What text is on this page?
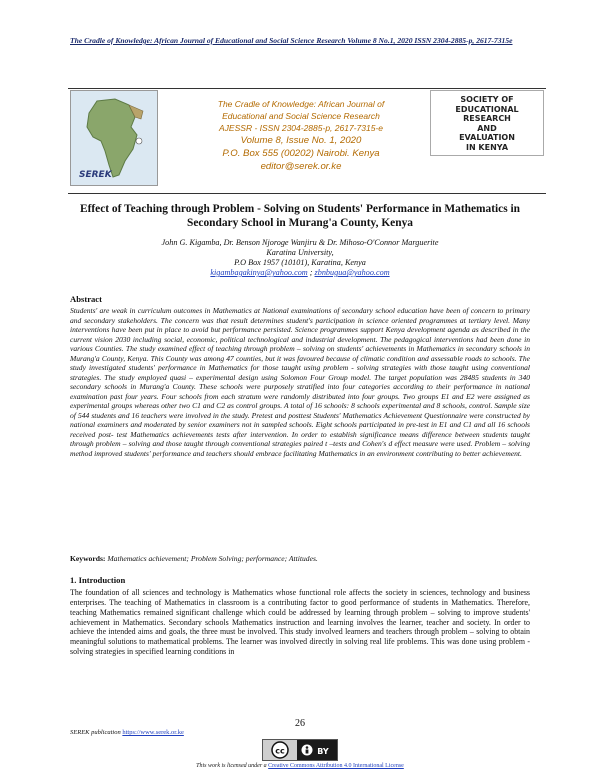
The Cradle of Knowledge: African Journal of Educational and Social Science Research Volume 8 No.1, 2020 ISSN 2304-2885-p, 2617-7315e
SEREK
The Cradle of Knowledge: African Journal of
Educational and Social Science Research
AJESSR - ISSN 2304-2885-p, 2617-7315-e
Volume 8, Issue No. 1, 2020
P.O. Box 555 (00202) Nairobi. Kenya
editor@serek.or.ke
SOCIETY OF
EDUCATIONAL
RESEARCH
AND
EVALUATION
IN KENYA
Effect of Teaching through Problem - Solving on Students' Performance in Mathematics in
Secondary School in Murang'a County, Kenya
John G. Kigamba, Dr. Benson Njoroge Wanjiru & Dr. Mihoso-O'Connor Marguerite
Karatina University,
P.O Box 1957 (10101), Karatina, Kenya
kigambagakinya@yahoo.com ; zbnbugua@yahoo.com
Abstract
Students' are weak in curriculum outcomes in Mathematics at National examinations of secondary school education have been of concern to primary and secondary stakeholders. The concern was that result determines student's participation in science oriented programmes at tertiary level. Many interventions have been put in place to avoid but performance persisted. Science programmes support Kenya development agenda as described in the current vision 2030 including social, economic, political technological and industrial development. The pedagogical interventions had been done in various Counties. The study examined effect of teaching through problem – solving on students' achievements in Mathematics in secondary schools in Murang'a County, Kenya. This County was among 47 counties, but it was favoured because of climatic condition and assessable roads to schools. The study investigated students' performance in Mathematics for those taught using problem - solving strategies with those taught using conventional strategies. The study employed quasi – experimental design using Solomon Four Group model. The target population was 28485 students in 340 secondary schools in Murang'a County. These schools were purposely stratified into four categories according to their performance in national examination past four years. Four schools from each stratum were randomly distributed into four groups. Two groups E1 and E2 were assigned as experimental groups whereas other two C1 and C2 as control groups. A total of 16 schools: 8 schools experimental and 8 schools, control. Sample size of 544 students and 16 teachers were involved in the study. Pretest and posttest Students' Mathematics Achievement Questionnaire were constructed by national examiners and moderated by senior examiners not in sampled schools. Eight schools participated in pre-test in E1 and C1 and all 16 schools received post- test Mathematics achievements tests after intervention. In order to establish significance means difference between students taught through problem – solving and those taught through conventional strategies paired t –tests and Cohen's d effect measure were used. Problem – solving method improved students' performance and teachers should embrace facilitating Mathematics in an environment contributing to better achievement.
Keywords: Mathematics achievement; Problem Solving; performance; Attitudes.
1. Introduction
The foundation of all sciences and technology is Mathematics whose functional role affects the society in sciences, technology and business enterprises. The teaching of Mathematics in classroom is a contributing factor to good performance of students in Mathematics. Therefore, teaching Mathematics remained significant challenge which could be addressed by learning through problem – solving to improve students' achievement in Mathematics. Secondary schools Mathematics instruction and learning involves the learner, teacher and society. In order to achieve the intended aims and goals, the three must be involved. This study involved learners and teachers through problem – solving to obtain meaningful solutions to mathematical problems. The learner was involved directly in solving real life problems. This was done using problem - solving strategies in specified learning conditions in
26
SEREK publication https://www.serek.or.ke
cc	BY
This work is licensed under a Creative Commons Attribution 4.0 International License
